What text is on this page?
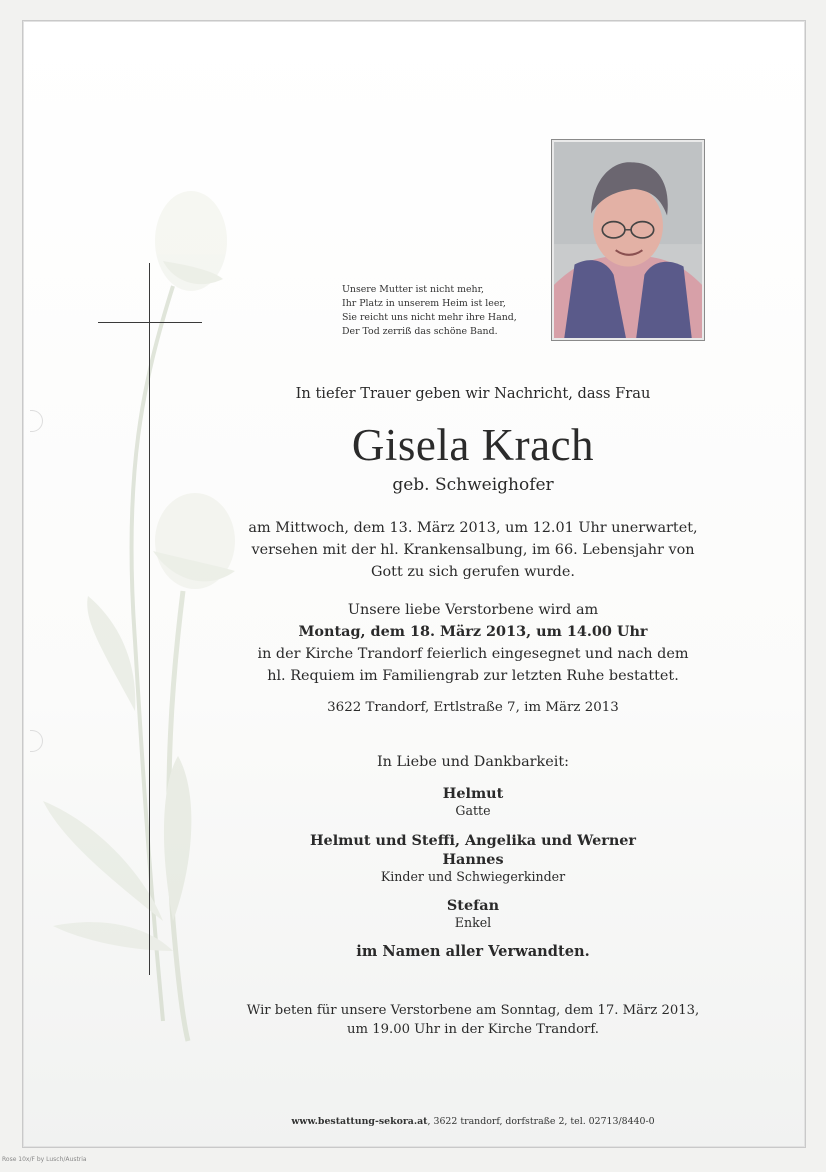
Unsere Mutter ist nicht mehr,
Ihr Platz in unserem Heim ist leer,
Sie reicht uns nicht mehr ihre Hand,
Der Tod zerriß das schöne Band.
In tiefer Trauer geben wir Nachricht, dass Frau
Gisela Krach
geb. Schweighofer
am Mittwoch, dem 13. März 2013, um 12.01 Uhr unerwartet,
versehen mit der hl. Krankensalbung, im 66. Lebensjahr von
Gott zu sich gerufen wurde.
Unsere liebe Verstorbene wird am
Montag, dem 18. März 2013, um 14.00 Uhr
in der Kirche Trandorf feierlich eingesegnet und nach dem
hl. Requiem im Familiengrab zur letzten Ruhe bestattet.
3622 Trandorf, Ertlstraße 7, im März 2013
In Liebe und Dankbarkeit:
Helmut
Gatte
Helmut und Steffi, Angelika und Werner
Hannes
Kinder und Schwiegerkinder
Stefan
Enkel
im Namen aller Verwandten.
Wir beten für unsere Verstorbene am Sonntag, dem 17. März 2013,
um 19.00 Uhr in der Kirche Trandorf.
www.bestattung-sekora.at, 3622 trandorf, dorfstraße 2, tel. 02713/8440-0
Rose 10x/F by Lusch/Austria
